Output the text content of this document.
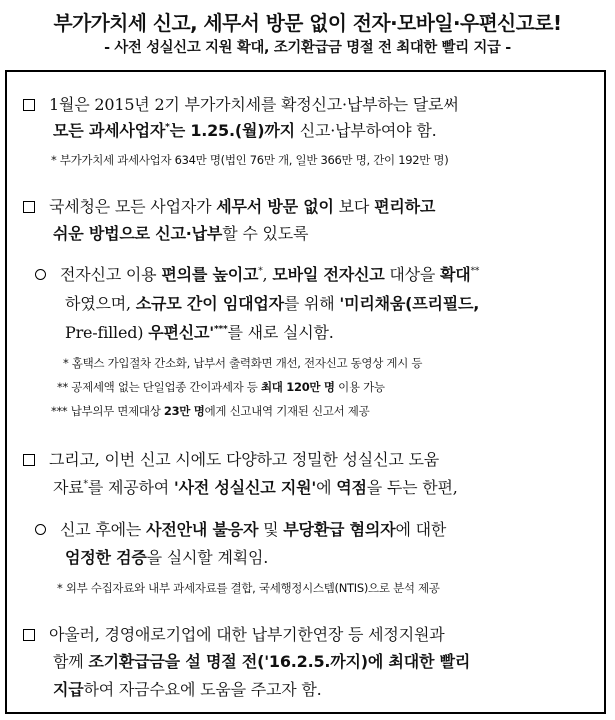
부가가치세 신고, 세무서 방문 없이 전자·모바일·우편신고로!
- 사전 성실신고 지원 확대, 조기환급금 명절 전 최대한 빨리 지급 -
1월은 2015년 2기 부가가치세를 확정신고·납부하는 달로써
모든 과세사업자*는 1.25.(월)까지 신고·납부하여야 함.
* 부가가치세 과세사업자 634만 명(법인 76만 개, 일반 366만 명, 간이 192만 명)
국세청은 모든 사업자가 세무서 방문 없이 보다 편리하고
쉬운 방법으로 신고·납부할 수 있도록
전자신고 이용 편의를 높이고*, 모바일 전자신고 대상을 확대**
하였으며, 소규모 간이 임대업자를 위해 '미리채움(프리필드,
Pre-filled) 우편신고'***를 새로 실시함.
* 홈택스 가입절차 간소화, 납부서 출력화면 개선, 전자신고 동영상 게시 등
** 공제세액 없는 단일업종 간이과세자 등 최대 120만 명 이용 가능
*** 납부의무 면제대상 23만 명에게 신고내역 기재된 신고서 제공
그리고, 이번 신고 시에도 다양하고 정밀한 성실신고 도움
자료*를 제공하여 '사전 성실신고 지원'에 역점을 두는 한편,
신고 후에는 사전안내 불응자 및 부당환급 혐의자에 대한
엄정한 검증을 실시할 계획임.
* 외부 수집자료와 내부 과세자료를 결합, 국세행정시스템(NTIS)으로 분석 제공
아울러, 경영애로기업에 대한 납부기한연장 등 세정지원과
함께 조기환급금을 설 명절 전('16.2.5.까지)에 최대한 빨리
지급하여 자금수요에 도움을 주고자 함.
